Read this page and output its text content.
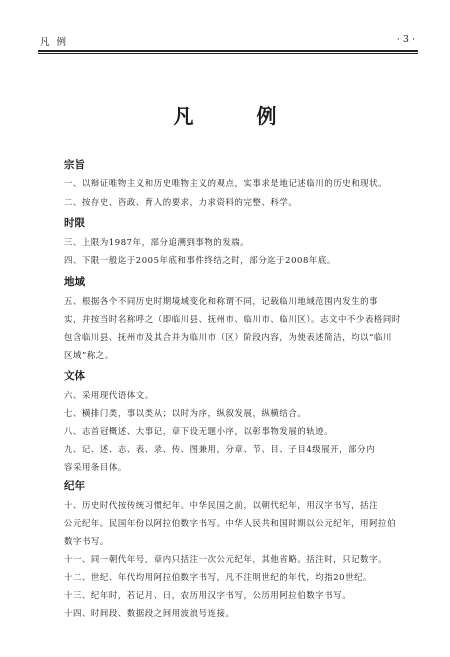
凡 例	· 3 ·
凡 例
宗旨
一、以辩证唯物主义和历史唯物主义的观点，实事求是地记述临川的历史和现状。
二、按存史、咨政、育人的要求，力求资料的完整、科学。
时限
三、上限为1987年，部分追溯到事物的发端。
四、下限一般迄于2005年底和事件终结之时，部分迄于2008年底。
地域
五、根据各个不同历史时期境域变化和称谓不同，记载临川地域范围内发生的事
实，并按当时名称呼之（即临川县、抚州市、临川市、临川区）。志文中不少表格同时
包含临川县、抚州市及其合并为临川市（区）阶段内容，为使表述简洁，均以“临川
区域”称之。
文体
六、采用现代语体文。
七、横排门类，事以类从；以时为序，纵叙发展，纵横结合。
八、志首冠概述、大事记，章下设无题小序，以彰事物发展的轨迹。
九、记、述、志、表、录、传、图兼用，分章、节、目、子目4级展开，部分内
容采用条目体。
纪年
十、历史时代按传统习惯纪年。中华民国之前，以朝代纪年，用汉字书写，括注
公元纪年。民国年份以阿拉伯数字书写。中华人民共和国时期以公元纪年，用阿拉伯
数字书写。
十一、同一朝代年号，章内只括注一次公元纪年，其他省略。括注时，只记数字。
十二、世纪、年代均用阿拉伯数字书写，凡不注明世纪的年代，均指20世纪。
十三、纪年时，若记月、日，农历用汉字书写，公历用阿拉伯数字书写。
十四、时间段、数据段之间用波浪号连接。
